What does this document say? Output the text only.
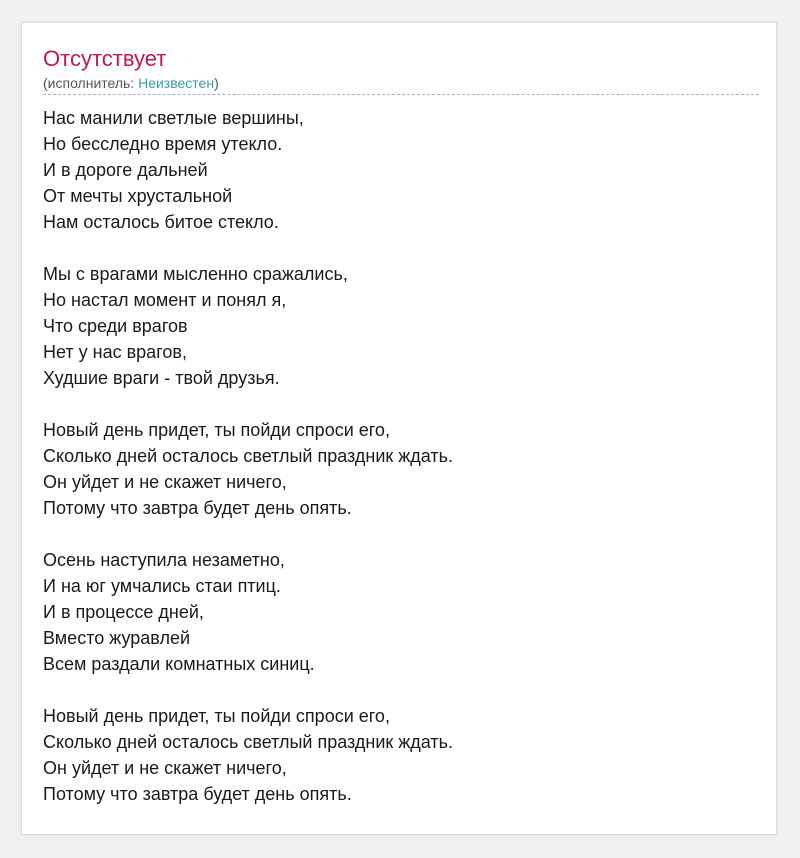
Отсутствует
(исполнитель: Неизвестен)
Нас манили светлые вершины,
Но бесследно время утекло.
И в дороге дальней
От мечты хрустальной
Нам осталось битое стекло.
Мы с врагами мысленно сражались,
Но настал момент и понял я,
Что среди врагов
Нет у нас врагов,
Худшие враги - твой друзья.
Новый день придет, ты пойди спроси его,
Сколько дней осталось светлый праздник ждать.
Он уйдет и не скажет ничего,
Потому что завтра будет день опять.
Осень наступила незаметно,
И на юг умчались стаи птиц.
И в процессе дней,
Вместо журавлей
Всем раздали комнатных синиц.
Новый день придет, ты пойди спроси его,
Сколько дней осталось светлый праздник ждать.
Он уйдет и не скажет ничего,
Потому что завтра будет день опять.
